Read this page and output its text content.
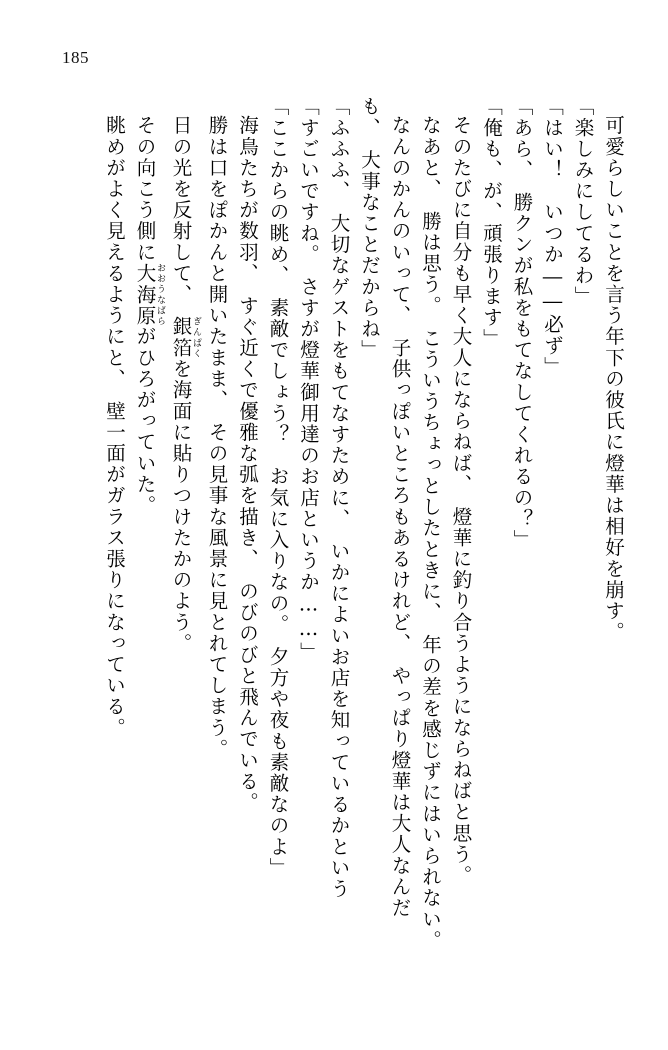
185

可愛らしいことを言う年下の彼氏に燈華は相好を崩す。

「楽しみにしてるわ」

「はい！　いつか――必ず」

「あら、　勝クンが私をもてなしてくれるの？」

「俺も、が、頑張ります」

そのたびに自分も早く大人にならねば、　燈華に釣り合うようにならねばと思う。

なあと、　勝は思う。　こういうちょっとしたときに、　年の差を感じずにはいられない。

なんのかんのいって、　子供っぽいところもあるけれど、　やっぱり燈華は大人なんだ

も、　大事なことだからね」

「ふふふ、　大切なゲストをもてなすために、　いかによいお店を知っているかという

「すごいですね。　さすが燈華御用達のお店というか……」

「ここからの眺め、　素敵でしょう？　お気に入りなの。　夕方や夜も素敵なのよ」

海鳥たちが数羽、　すぐ近くで優雅な弧を描き、　のびのびと飛んでいる。

勝は口をぽかんと開いたまま、　その見事な風景に見とれてしまう。

日の光を反射して、　銀箔ぎんぱくを海面に貼りつけたかのよう。

その向こう側に大海原おおうなばらがひろがっていた。

眺めがよく見えるようにと、　壁一面がガラス張りになっている。
